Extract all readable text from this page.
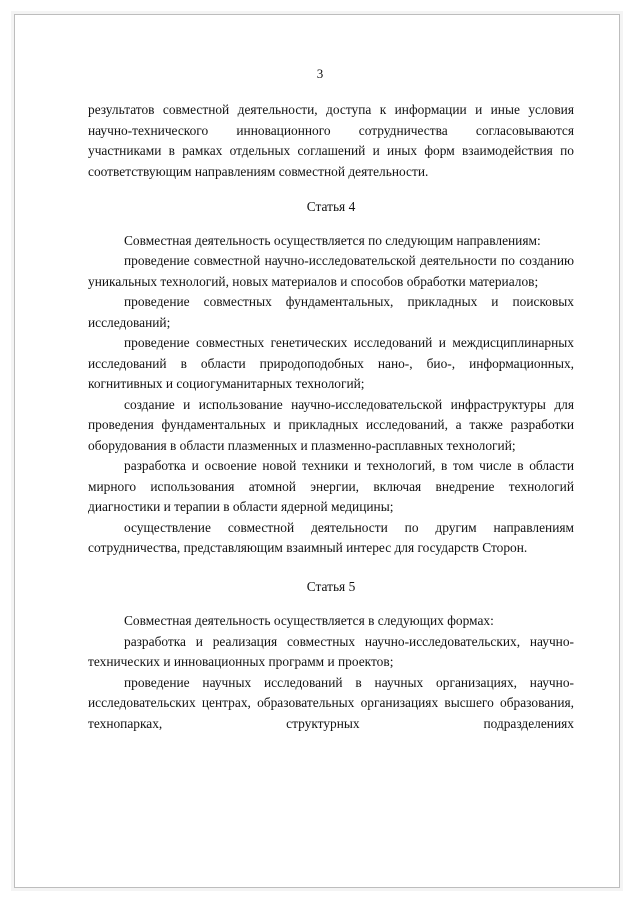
3

результатов совместной деятельности, доступа к информации и иные условия научно-технического инновационного сотрудничества согласовываются участниками в рамках отдельных соглашений и иных форм взаимодействия по соответствующим направлениям совместной деятельности.

Статья 4

Совместная деятельность осуществляется по следующим направлениям:

проведение совместной научно-исследовательской деятельности по созданию уникальных технологий, новых материалов и способов обработки материалов;

проведение совместных фундаментальных, прикладных и поисковых исследований;

проведение совместных генетических исследований и междисциплинарных исследований в области природоподобных нано-, био-, информационных, когнитивных и социогуманитарных технологий;

создание и использование научно-исследовательской инфраструктуры для проведения фундаментальных и прикладных исследований, а также разработки оборудования в области плазменных и плазменно-расплавных технологий;

разработка и освоение новой техники и технологий, в том числе в области мирного использования атомной энергии, включая внедрение технологий диагностики и терапии в области ядерной медицины;

осуществление совместной деятельности по другим направлениям сотрудничества, представляющим взаимный интерес для государств Сторон.

Статья 5

Совместная деятельность осуществляется в следующих формах:

разработка и реализация совместных научно-исследовательских, научно-технических и инновационных программ и проектов;

проведение научных исследований в научных организациях, научно-исследовательских центрах, образовательных организациях высшего образования, технопарках, структурных подразделениях
